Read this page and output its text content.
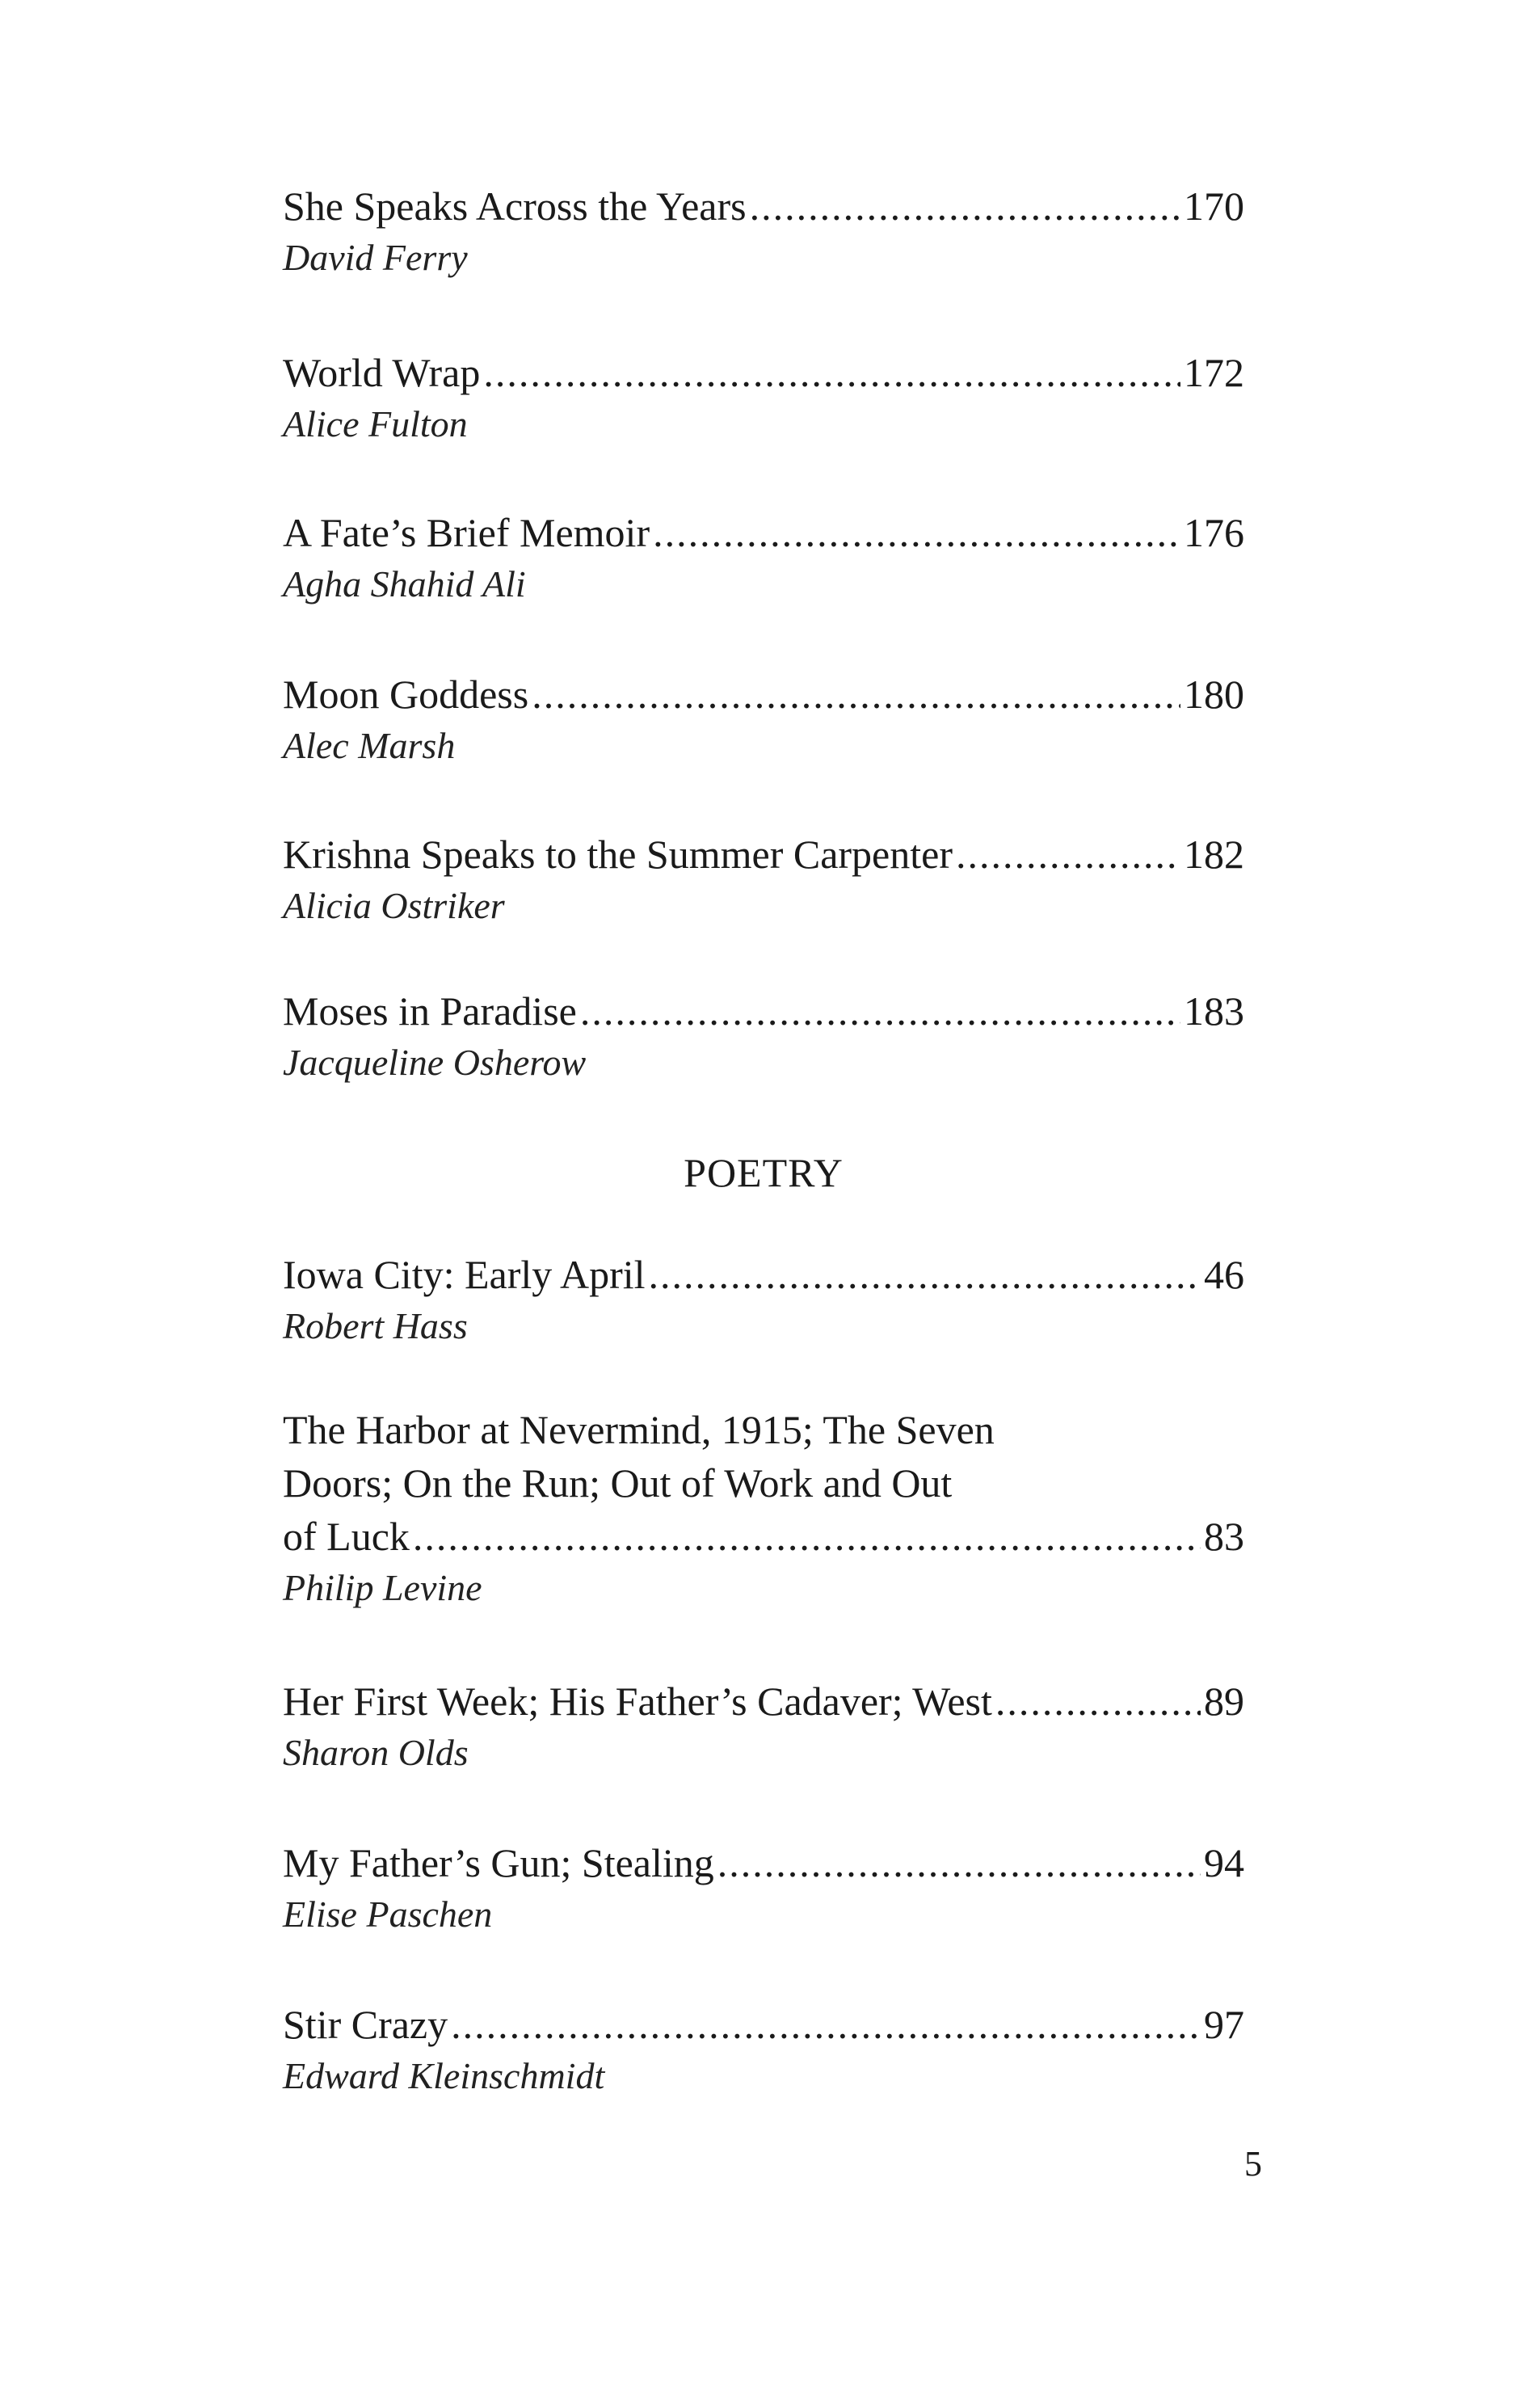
She Speaks Across the Years .....	170
David Ferry
World Wrap .....	172
Alice Fulton
A Fate’s Brief Memoir .....	176
Agha Shahid Ali
Moon Goddess .....	180
Alec Marsh
Krishna Speaks to the Summer Carpenter .....	182
Alicia Ostriker
Moses in Paradise .....	183
Jacqueline Osherow
POETRY
Iowa City: Early April .....	46
Robert Hass
The Harbor at Nevermind, 1915; The Seven
Doors; On the Run; Out of Work and Out
of Luck .....	83
Philip Levine
Her First Week; His Father’s Cadaver; West .....	89
Sharon Olds
My Father’s Gun; Stealing .....	94
Elise Paschen
Stir Crazy .....	97
Edward Kleinschmidt
5
